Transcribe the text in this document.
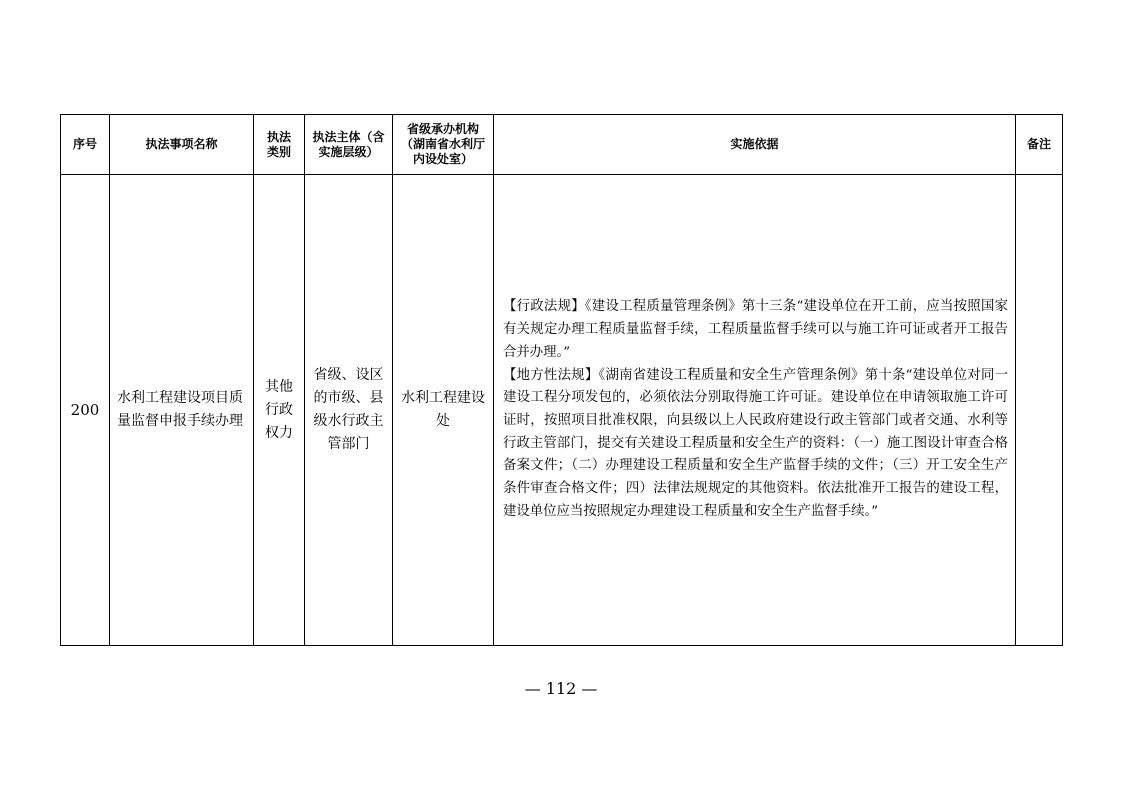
序号	执法事项名称	执法类别	执法主体（含实施层级）	省级承办机构（湖南省水利厅内设处室）	实施依据	备注
200	水利工程建设项目质量监督申报手续办理	其他行政权力	省级、设区的市级、县级水行政主管部门	水利工程建设处	【行政法规】《建设工程质量管理条例》第十三条“建设单位在开工前，应当按照国家有关规定办理工程质量监督手续，工程质量监督手续可以与施工许可证或者开工报告合并办理。”

【地方性法规】《湖南省建设工程质量和安全生产管理条例》第十条“建设单位对同一建设工程分项发包的，必须依法分别取得施工许可证。建设单位在申请领取施工许可证时，按照项目批准权限，向县级以上人民政府建设行政主管部门或者交通、水利等行政主管部门，提交有关建设工程质量和安全生产的资料：（一）施工图设计审查合格备案文件；（二）办理建设工程质量和安全生产监督手续的文件；（三）开工安全生产条件审查合格文件；四）法律法规规定的其他资料。依法批准开工报告的建设工程，建设单位应当按照规定办理建设工程质量和安全生产监督手续。”	

— 112 —
